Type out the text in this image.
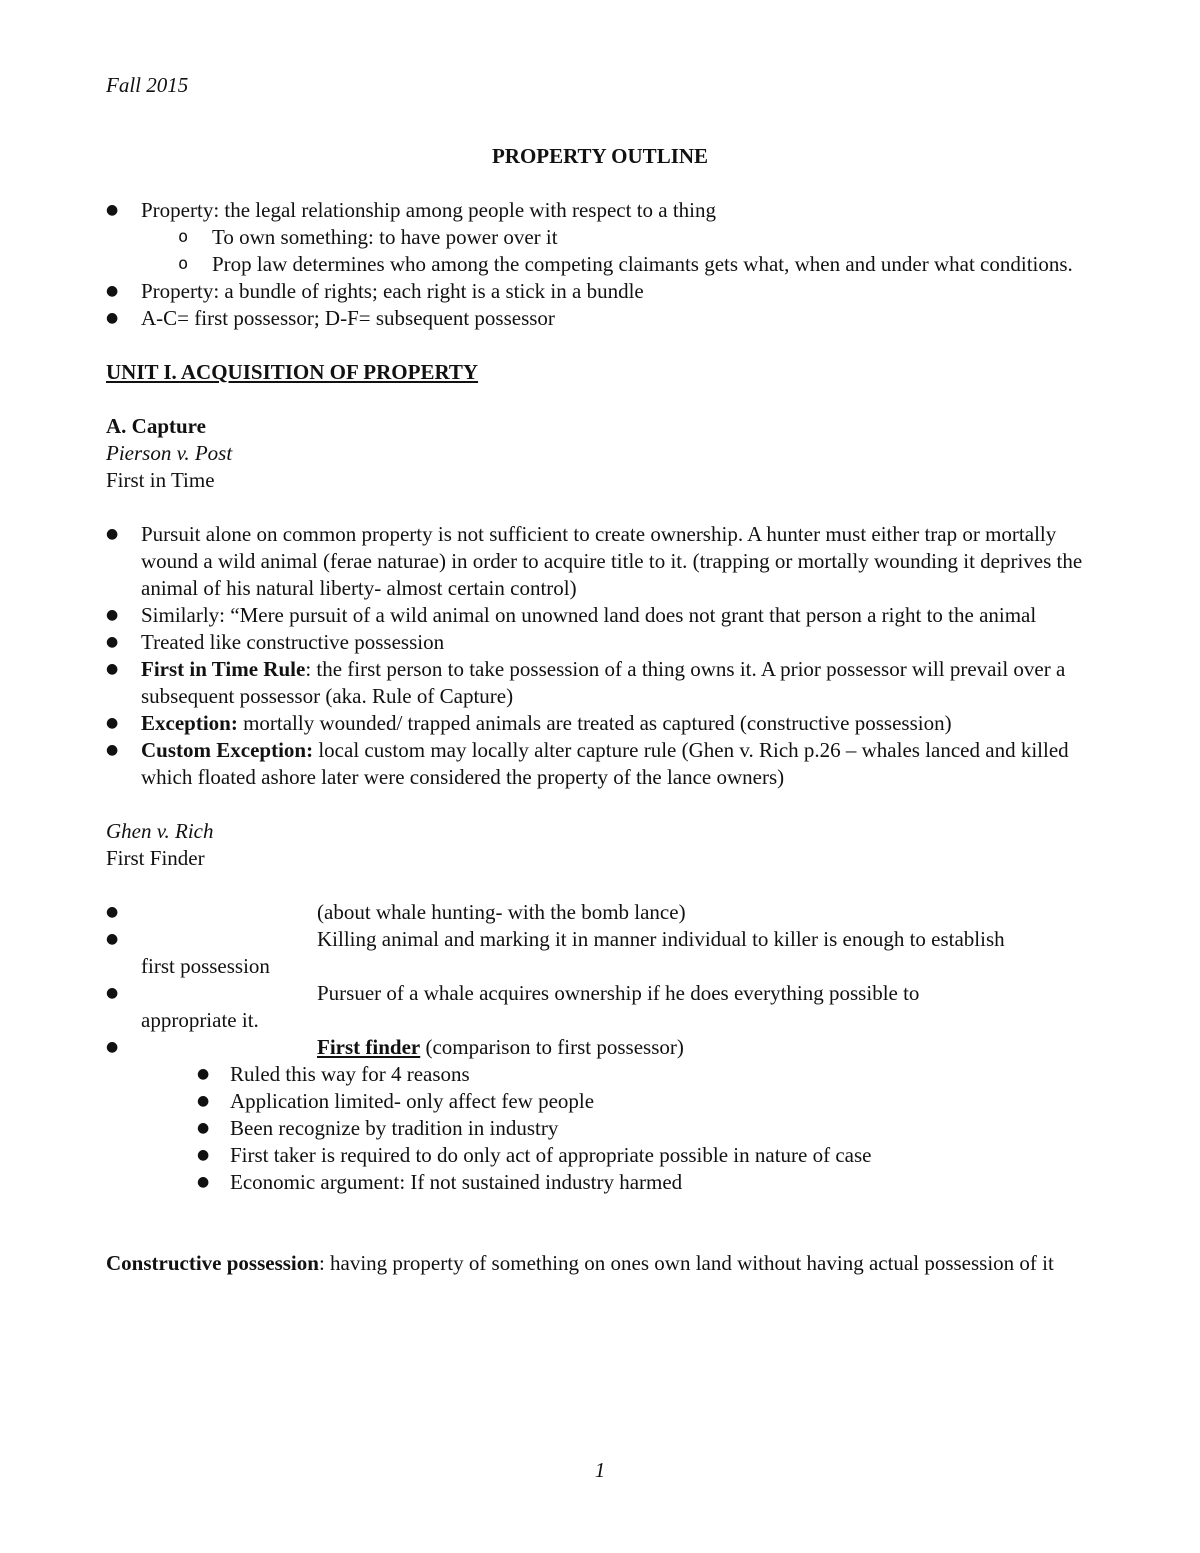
Fall 2015
PROPERTY OUTLINE
●	Property: the legal relationship among people with respect to a thing
o To own something: to have power over it
o Prop law determines who among the competing claimants gets what, when and under what conditions.
●	Property: a bundle of rights; each right is a stick in a bundle
●	A-C= first possessor; D-F= subsequent possessor
UNIT I. ACQUISITION OF PROPERTY
A. Capture
Pierson v. Post
First in Time
●	Pursuit alone on common property is not sufficient to create ownership. A hunter must either trap or mortally wound a wild animal (ferae naturae) in order to acquire title to it. (trapping or mortally wounding it deprives the animal of his natural liberty- almost certain control)
●	Similarly: “Mere pursuit of a wild animal on unowned land does not grant that person a right to the animal
●	Treated like constructive possession
●	First in Time Rule: the first person to take possession of a thing owns it. A prior possessor will prevail over a subsequent possessor (aka. Rule of Capture)
●	Exception: mortally wounded/ trapped animals are treated as captured (constructive possession)
●	Custom Exception: local custom may locally alter capture rule (Ghen v. Rich p.26 – whales lanced and killed which floated ashore later were considered the property of the lance owners)
Ghen v. Rich
First Finder
●	(about whale hunting- with the bomb lance)
●	Killing animal and marking it in manner individual to killer is enough to establish
first possession
●	Pursuer of a whale acquires ownership if he does everything possible to
appropriate it.
●	First finder (comparison to first possessor)
● Ruled this way for 4 reasons
● Application limited- only affect few people
● Been recognize by tradition in industry
● First taker is required to do only act of appropriate possible in nature of case
● Economic argument: If not sustained industry harmed
Constructive possession: having property of something on ones own land without having actual possession of it
1
